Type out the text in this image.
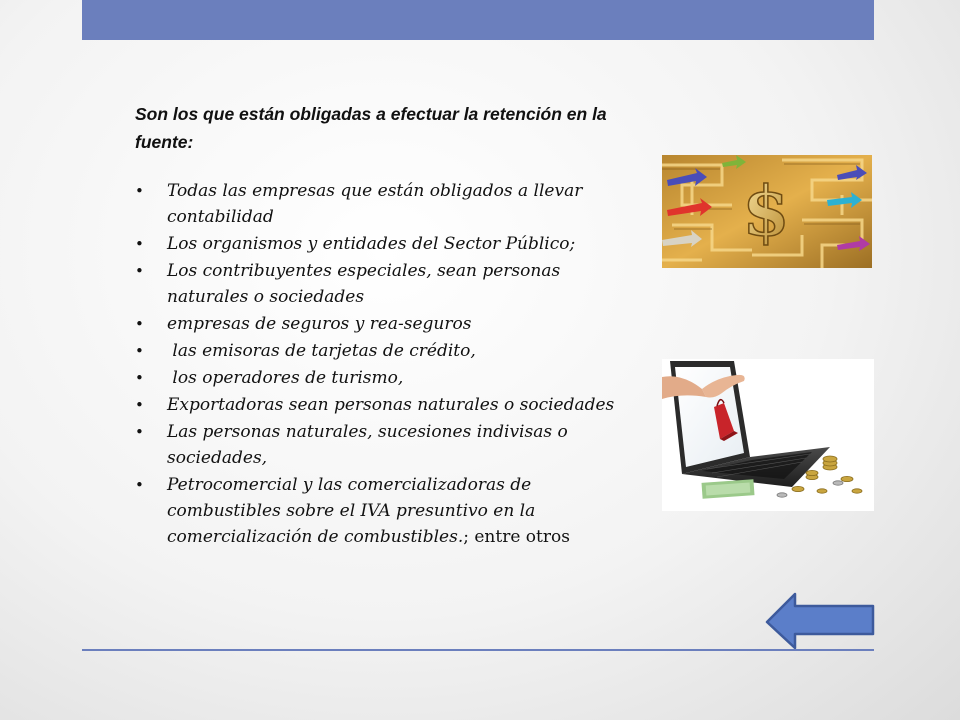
Son los que están obligadas a efectuar la retención en la fuente:

• Todas las empresas que están obligados a llevar contabilidad
• Los organismos y entidades del Sector Público;
• Los contribuyentes especiales, sean personas naturales o sociedades
• empresas de seguros y rea-seguros
• las emisoras de tarjetas de crédito,
• los operadores de turismo,
• Exportadoras sean personas naturales o sociedades
• Las personas naturales, sucesiones indivisas o sociedades,
• Petrocomercial y las comercializadoras de combustibles sobre el IVA presuntivo en la comercialización de combustibles.; entre otros
$
